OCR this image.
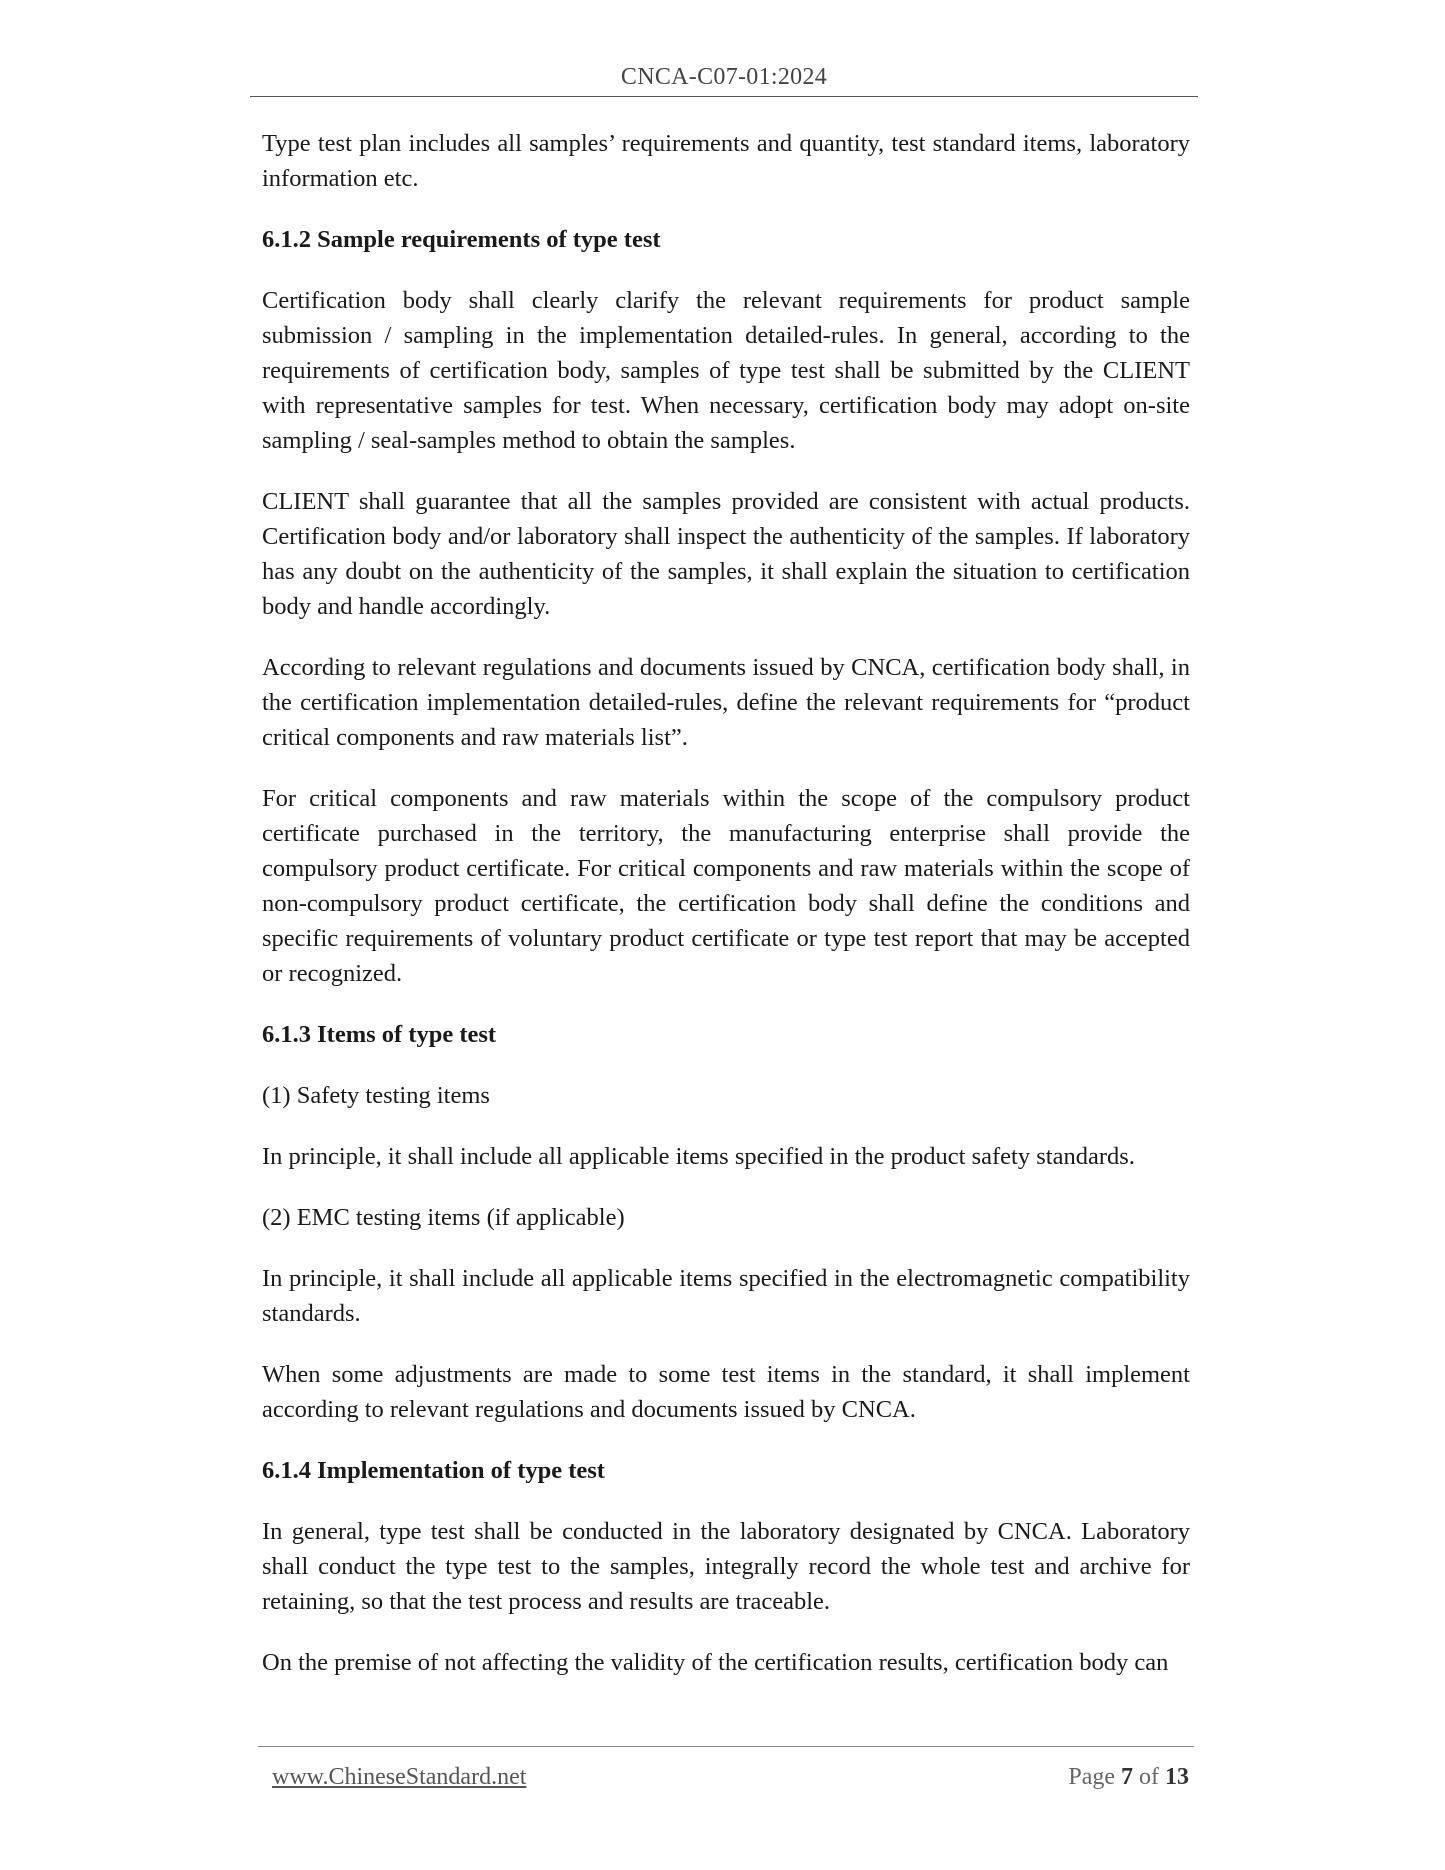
CNCA-C07-01:2024

Type test plan includes all samples’ requirements and quantity, test standard items, laboratory information etc.

6.1.2 Sample requirements of type test

Certification body shall clearly clarify the relevant requirements for product sample submission / sampling in the implementation detailed-rules. In general, according to the requirements of certification body, samples of type test shall be submitted by the CLIENT with representative samples for test. When necessary, certification body may adopt on-site sampling / seal-samples method to obtain the samples.

CLIENT shall guarantee that all the samples provided are consistent with actual products. Certification body and/or laboratory shall inspect the authenticity of the samples. If laboratory has any doubt on the authenticity of the samples, it shall explain the situation to certification body and handle accordingly.

According to relevant regulations and documents issued by CNCA, certification body shall, in the certification implementation detailed-rules, define the relevant requirements for “product critical components and raw materials list”.

For critical components and raw materials within the scope of the compulsory product certificate purchased in the territory, the manufacturing enterprise shall provide the compulsory product certificate. For critical components and raw materials within the scope of non-compulsory product certificate, the certification body shall define the conditions and specific requirements of voluntary product certificate or type test report that may be accepted or recognized.

6.1.3 Items of type test

(1) Safety testing items

In principle, it shall include all applicable items specified in the product safety standards.

(2) EMC testing items (if applicable)

In principle, it shall include all applicable items specified in the electromagnetic compatibility standards.

When some adjustments are made to some test items in the standard, it shall implement according to relevant regulations and documents issued by CNCA.

6.1.4 Implementation of type test

In general, type test shall be conducted in the laboratory designated by CNCA. Laboratory shall conduct the type test to the samples, integrally record the whole test and archive for retaining, so that the test process and results are traceable.

On the premise of not affecting the validity of the certification results, certification body can

www.ChineseStandard.net	Page 7 of 13
